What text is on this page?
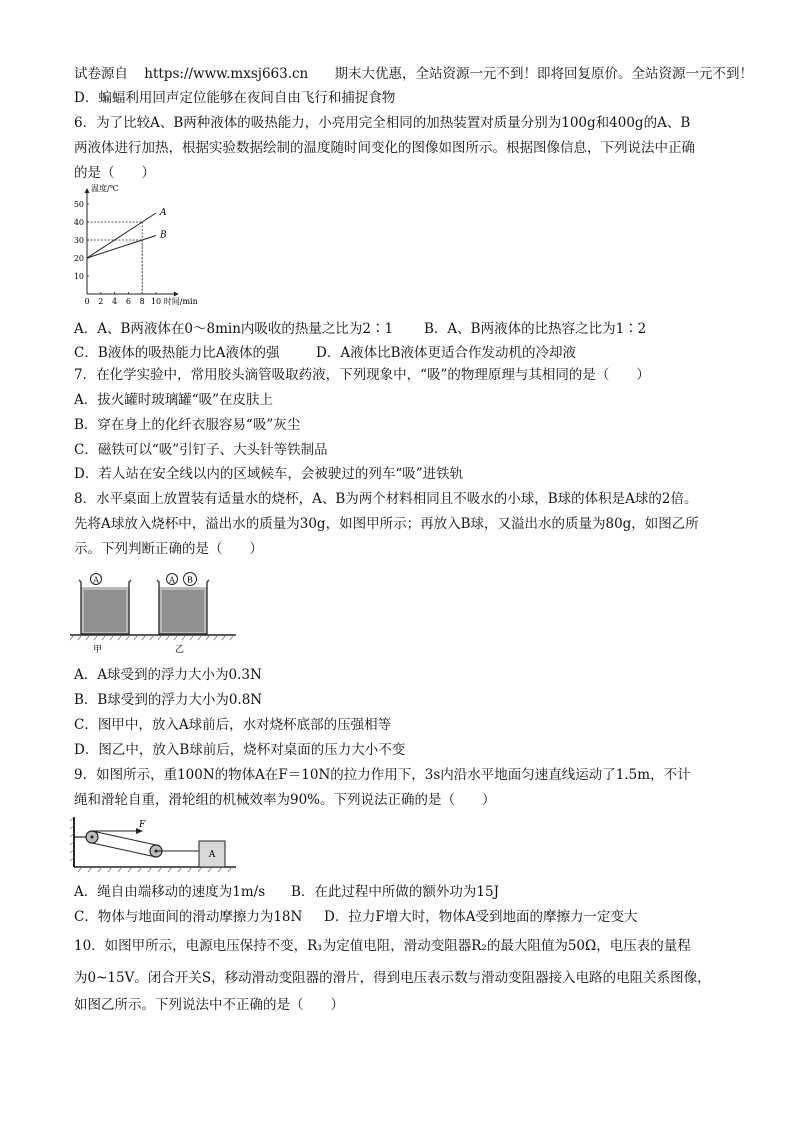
试卷源自 https://www.mxsj663.cn 期末大优惠，全站资源一元不到！即将回复原价。全站资源一元不到！
D．蝙蝠利用回声定位能够在夜间自由飞行和捕捉食物
6．为了比较A、B两种液体的吸热能力，小亮用完全相同的加热装置对质量分别为100g和400g的A、B
两液体进行加热，根据实验数据绘制的温度随时间变化的图像如图所示。根据图像信息，下列说法中正确
的是（　　）
温度/℃
时间/min
0 2 4 6 8 10
10
20
30
40
50
A
B
A．A、B两液体在0～8min内吸收的热量之比为2∶1 B．A、B两液体的比热容之比为1∶2
C．B液体的吸热能力比A液体的强	D．A液体比B液体更适合作发动机的冷却液
7．在化学实验中，常用胶头滴管吸取药液，下列现象中，“吸”的物理原理与其相同的是（　　）
A．拔火罐时玻璃罐“吸”在皮肤上
B．穿在身上的化纤衣服容易“吸”灰尘
C．磁铁可以“吸”引钉子、大头针等铁制品
D．若人站在安全线以内的区域候车，会被驶过的列车“吸”进铁轨
8．水平桌面上放置装有适量水的烧杯，A、B为两个材料相同且不吸水的小球，B球的体积是A球的2倍。
先将A球放入烧杯中，溢出水的质量为30g，如图甲所示；再放入B球，又溢出水的质量为80g，如图乙所
示。下列判断正确的是（　　）
A	A B
甲	乙
A．A球受到的浮力大小为0.3N
B．B球受到的浮力大小为0.8N
C．图甲中，放入A球前后，水对烧杯底部的压强相等
D．图乙中，放入B球前后，烧杯对桌面的压力大小不变
9．如图所示，重100N的物体A在F＝10N的拉力作用下，3s内沿水平地面匀速直线运动了1.5m，不计
绳和滑轮自重，滑轮组的机械效率为90%。下列说法正确的是（　　）
F
A
A．绳自由端移动的速度为1m/s B．在此过程中所做的额外功为15J
C．物体与地面间的滑动摩擦力为18N D．拉力F增大时，物体A受到地面的摩擦力一定变大
10．如图甲所示，电源电压保持不变，R₁为定值电阻，滑动变阻器R₂的最大阻值为50Ω，电压表的量程
为0~15V。闭合开关S，移动滑动变阻器的滑片，得到电压表示数与滑动变阻器接入电路的电阻关系图像，
如图乙所示。下列说法中不正确的是（　　）
